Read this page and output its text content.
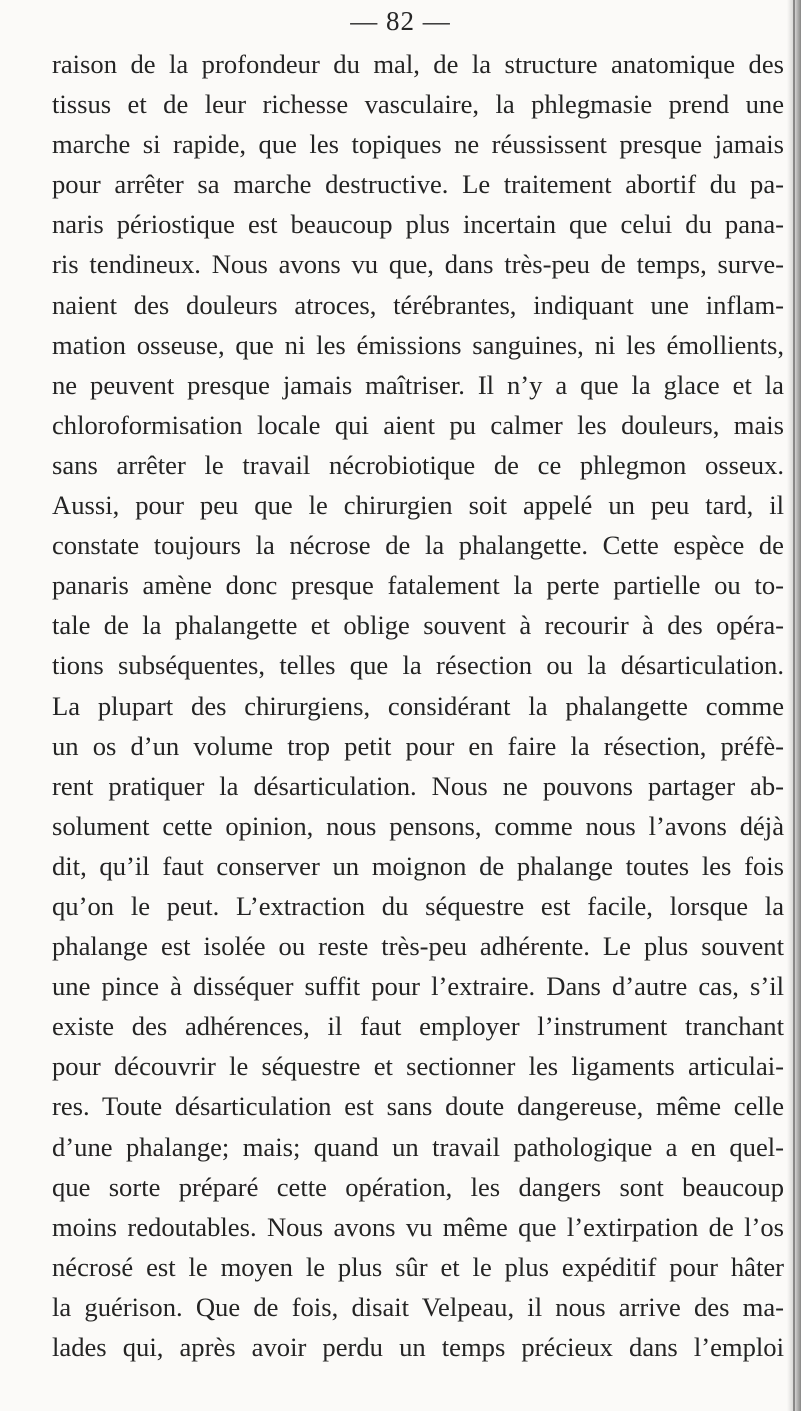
— 82 —
raison de la profondeur du mal, de la structure anatomique des
tissus et de leur richesse vasculaire, la phlegmasie prend une
marche si rapide, que les topiques ne réussissent presque jamais
pour arrêter sa marche destructive. Le traitement abortif du pa-
naris périostique est beaucoup plus incertain que celui du pana-
ris tendineux. Nous avons vu que, dans très-peu de temps, surve-
naient des douleurs atroces, térébrantes, indiquant une inflam-
mation osseuse, que ni les émissions sanguines, ni les émollients,
ne peuvent presque jamais maîtriser. Il n’y a que la glace et la
chloroformisation locale qui aient pu calmer les douleurs, mais
sans arrêter le travail nécrobiotique de ce phlegmon osseux.
Aussi, pour peu que le chirurgien soit appelé un peu tard, il
constate toujours la nécrose de la phalangette. Cette espèce de
panaris amène donc presque fatalement la perte partielle ou to-
tale de la phalangette et oblige souvent à recourir à des opéra-
tions subséquentes, telles que la résection ou la désarticulation.
La plupart des chirurgiens, considérant la phalangette comme
un os d’un volume trop petit pour en faire la résection, préfè-
rent pratiquer la désarticulation. Nous ne pouvons partager ab-
solument cette opinion, nous pensons, comme nous l’avons déjà
dit, qu’il faut conserver un moignon de phalange toutes les fois
qu’on le peut. L’extraction du séquestre est facile, lorsque la
phalange est isolée ou reste très-peu adhérente. Le plus souvent
une pince à disséquer suffit pour l’extraire. Dans d’autre cas, s’il
existe des adhérences, il faut employer l’instrument tranchant
pour découvrir le séquestre et sectionner les ligaments articulai-
res. Toute désarticulation est sans doute dangereuse, même celle
d’une phalange; mais; quand un travail pathologique a en quel-
que sorte préparé cette opération, les dangers sont beaucoup
moins redoutables. Nous avons vu même que l’extirpation de l’os
nécrosé est le moyen le plus sûr et le plus expéditif pour hâter
la guérison. Que de fois, disait Velpeau, il nous arrive des ma-
lades qui, après avoir perdu un temps précieux dans l’emploi
